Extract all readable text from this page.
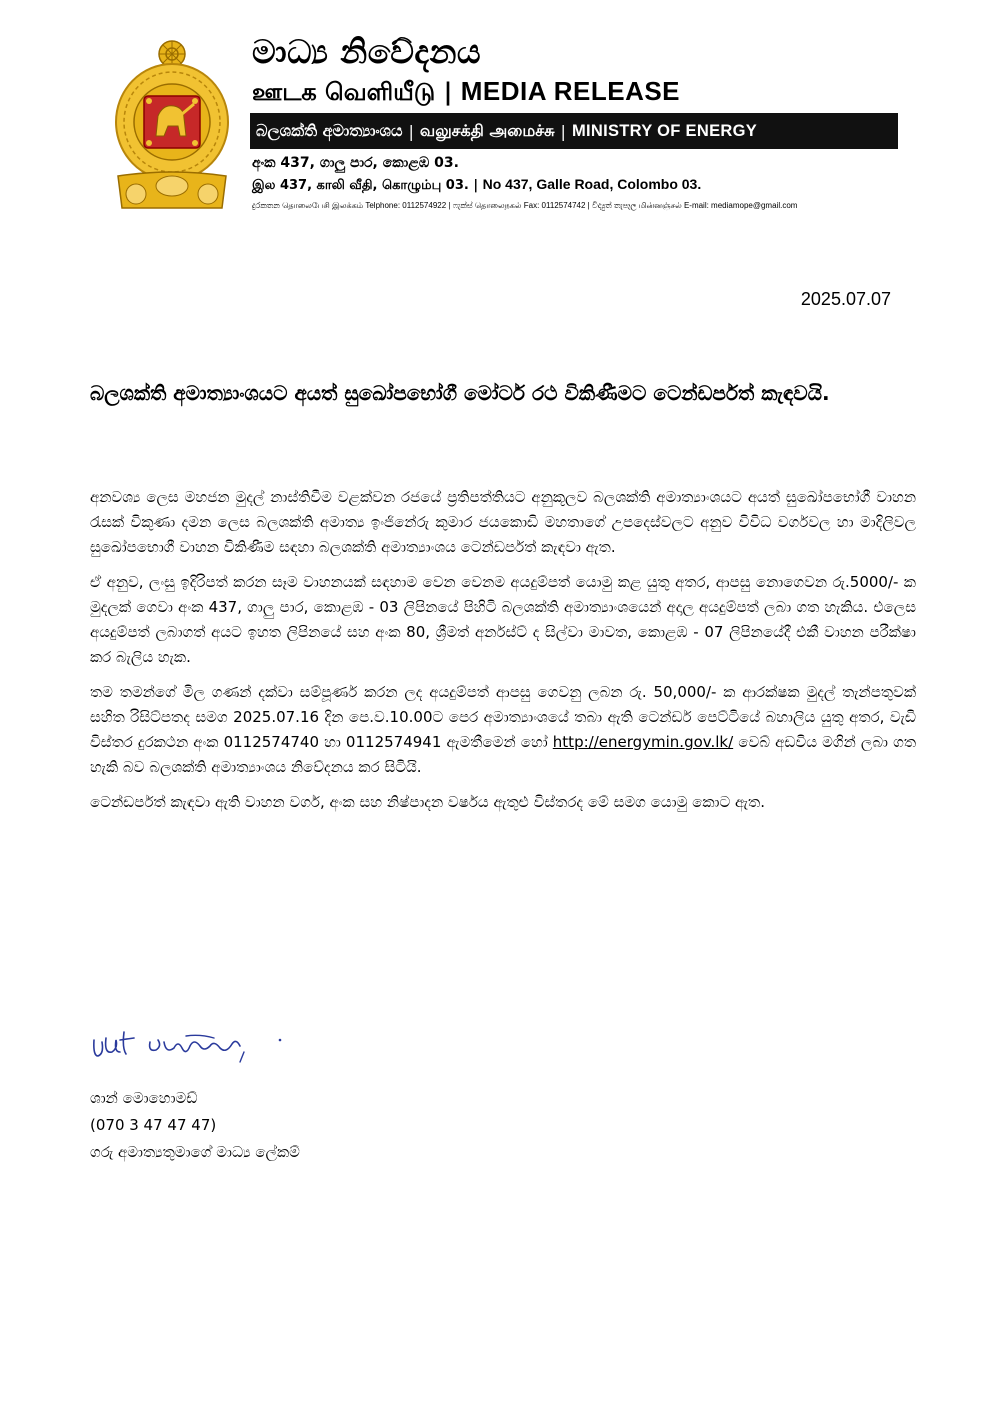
මාධ්‍ය නිවේදනය
ஊடக வெளியீடு | MEDIA RELEASE
බලශක්ති අමාත්‍යාංශය | வலுசக்தி அமைச்சு | MINISTRY OF ENERGY
අංක 437, ගාලු පාර, කොළඹ 03.
இல 437, காலி வீதி, கொழும்பு 03. | No 437, Galle Road, Colombo 03.
දුරකතන தொலைபேசி இலக்கம் Telphone: 0112574922 | ෆැක්ස් தொலைநகல் Fax: 0112574742 | විද්‍යුත් තැපෑල மின்னஞ்சல் E-mail: mediamope@gmail.com
2025.07.07
බලශක්ති අමාත්‍යාංශයට අයත් සුඛෝපභෝගී මෝටර් රථ විකිණීමට ටෙන්ඩර්පත් කැඳවයි.

අනවශ්‍ය ලෙස මහජන මුදල් නාස්තිවීම වළක්වන රජයේ ප්‍රතිපත්තියට අනුකූලව බලශක්ති අමාත්‍යාංශයට අයත් සුඛෝපභෝගී වාහන රැසක් විකුණා දමන ලෙස බලශක්ති අමාත්‍ය ඉංජිනේරු කුමාර ජයකොඩි මහතාගේ උපදෙස්වලට අනුව විවිධ වර්ගවල හා මාදිලිවල සුඛෝපභොගී වාහන විකිණීම සඳහා බලශක්ති අමාත්‍යාංශය ටෙන්ඩර්පත් කැඳවා ඇත.

ඒ අනුව, ලංසු ඉදිරිපත් කරන සෑම වාහනයක් සඳහාම වෙන වෙනම අයදුම්පත් යොමු කළ යුතු අතර, ආපසු නොගෙවන රු.5000/- ක මුදලක් ගෙවා අංක 437, ගාලු පාර, කොළඹ - 03 ලිපිනයේ පිහිටි බලශක්ති අමාත්‍යාංශයෙන් අදාල අයදුම්පත් ලබා ගත හැකිය. එලෙස අයදුම්පත් ලබාගත් අයට ඉහත ලිපිනයේ සහ අංක 80, ශ්‍රීමත් අර්නස්ට් ද සිල්වා මාවත, කොළඹ - 07 ලිපිනයේදී එකී වාහන පරීක්ෂා කර බැලිය හැක.

තම තමන්ගේ මිල ගණන් දක්වා සම්පූර්ණ කරන ලද අයදුම්පත් ආපසු ගෙවනු ලබන රු. 50,000/- ක ආරක්ෂක මුදල් තැන්පතුවක් සහිත රිසිට්පතද සමග 2025.07.16 දින පෙ.ව.10.00ට පෙර අමාත්‍යාංශයේ තබා ඇති ටෙන්ඩර් පෙට්ටියේ බහාලිය යුතු අතර, වැඩි විස්තර දුරකථන අංක 0112574740 හා 0112574941 ඇමතීමෙන් හෝ http://energymin.gov.lk/ වෙබ් අඩවිය මගින් ලබා ගත හැකි බව බලශක්ති අමාත්‍යාංශය නිවේදනය කර සිටියි.

ටෙන්ඩර්පත් කැඳවා ඇති වාහන වර්ග, අංක සහ නිෂ්පාදන වර්ෂය ඇතුළු විස්තරද මේ සමග යොමු කොට ඇත.

ශාන් මොහොමඩ්
(070 3 47 47 47)
ගරු අමාත්‍යතුමාගේ මාධ්‍ය ලේකම්
